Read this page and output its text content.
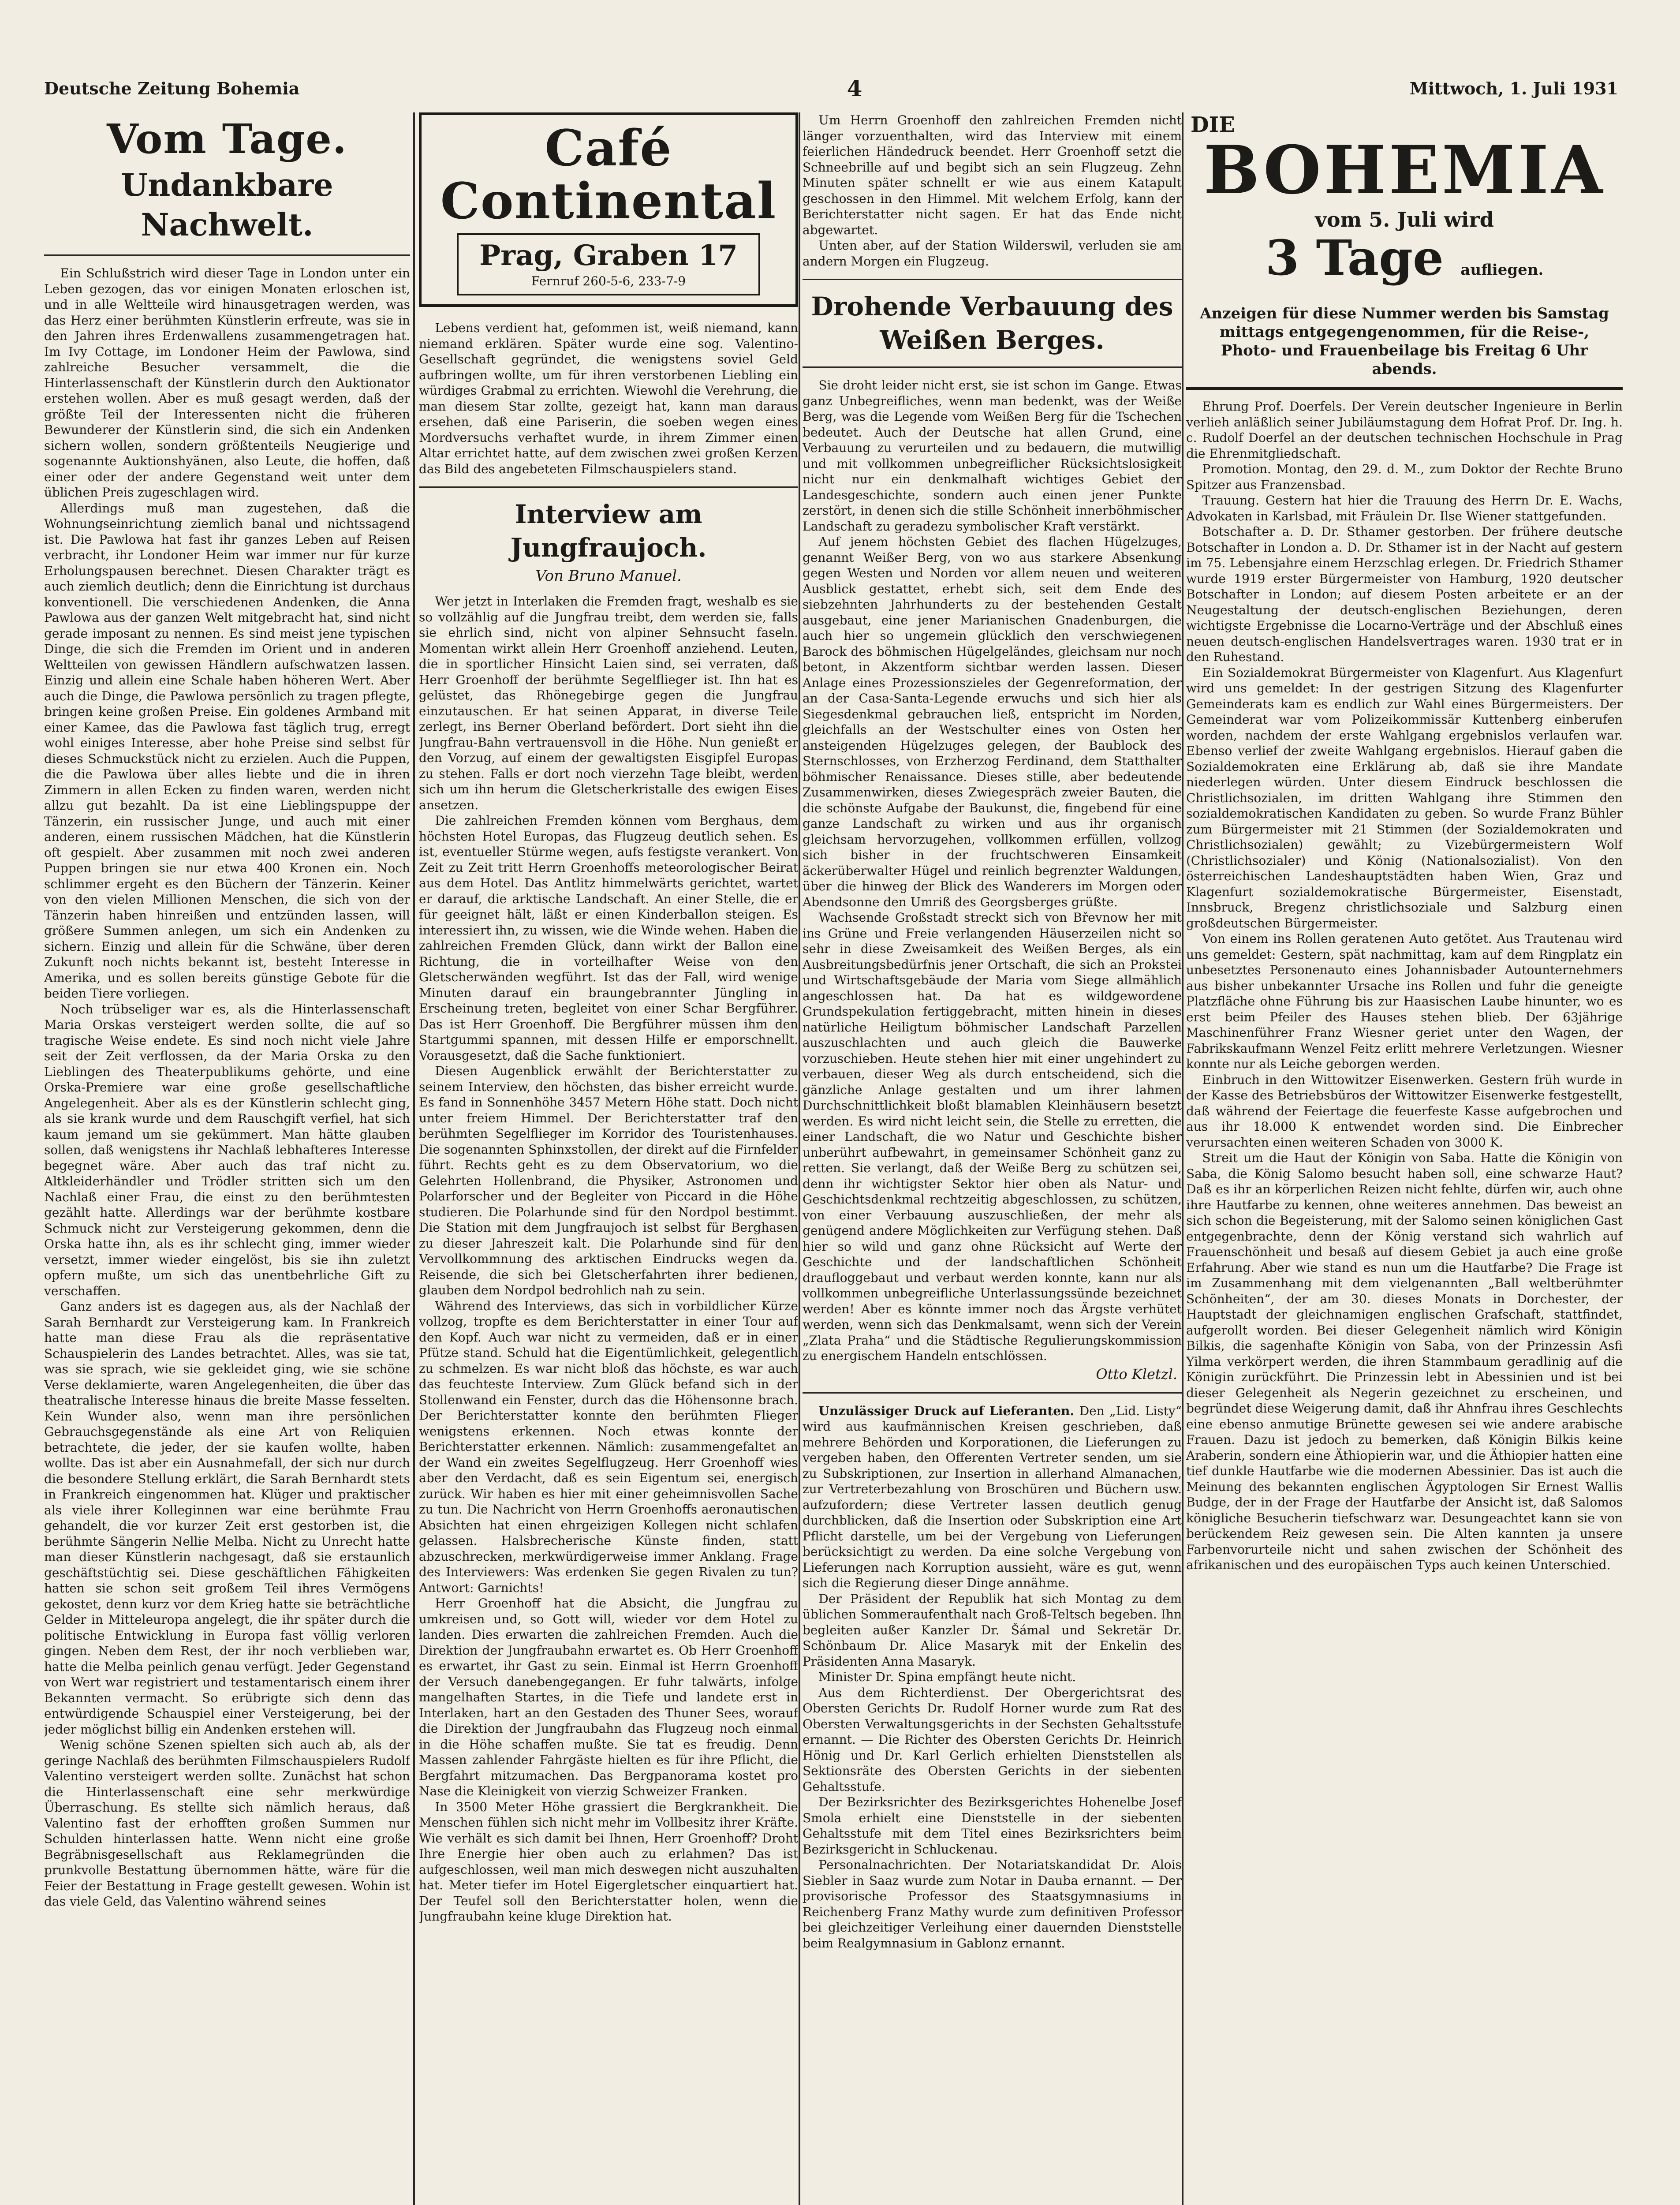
Deutsche Zeitung Bohemia	4	Mittwoch, 1. Juli 1931
Vom Tage.
Undankbare Nachwelt.

Ein Schlußstrich wird dieser Tage in London unter ein Leben gezogen, das vor einigen Monaten erloschen ist, und in alle Weltteile wird hinausgetragen werden, was das Herz einer berühmten Künstlerin erfreute, was sie in den Jahren ihres Erdenwallens zusammengetragen hat. Im Ivy Cottage, im Londoner Heim der Pawlowa, sind zahlreiche Besucher versammelt, die die Hinterlassenschaft der Künstlerin durch den Auktionator erstehen wollen. Aber es muß gesagt werden, daß der größte Teil der Interessenten nicht die früheren Bewunderer der Künstlerin sind, die sich ein Andenken sichern wollen, sondern größtenteils Neugierige und sogenannte Auktionshyänen, also Leute, die hoffen, daß einer oder der andere Gegenstand weit unter dem üblichen Preis zugeschlagen wird.

Allerdings muß man zugestehen, daß die Wohnungseinrichtung ziemlich banal und nichtssagend ist. Die Pawlowa hat fast ihr ganzes Leben auf Reisen verbracht, ihr Londoner Heim war immer nur für kurze Erholungspausen berechnet. Diesen Charakter trägt es auch ziemlich deutlich; denn die Einrichtung ist durchaus konventionell. Die verschiedenen Andenken, die Anna Pawlowa aus der ganzen Welt mitgebracht hat, sind nicht gerade imposant zu nennen. Es sind meist jene typischen Dinge, die sich die Fremden im Orient und in anderen Weltteilen von gewissen Händlern aufschwatzen lassen. Einzig und allein eine Schale haben höheren Wert. Aber auch die Dinge, die Pawlowa persönlich zu tragen pflegte, bringen keine großen Preise. Ein goldenes Armband mit einer Kamee, das die Pawlowa fast täglich trug, erregt wohl einiges Interesse, aber hohe Preise sind selbst für dieses Schmuckstück nicht zu erzielen. Auch die Puppen, die die Pawlowa über alles liebte und die in ihren Zimmern in allen Ecken zu finden waren, werden nicht allzu gut bezahlt. Da ist eine Lieblingspuppe der Tänzerin, ein russischer Junge, und auch mit einer anderen, einem russischen Mädchen, hat die Künstlerin oft gespielt. Aber zusammen mit noch zwei anderen Puppen bringen sie nur etwa 400 Kronen ein. Noch schlimmer ergeht es den Büchern der Tänzerin. Keiner von den vielen Millionen Menschen, die sich von der Tänzerin haben hinreißen und entzünden lassen, will größere Summen anlegen, um sich ein Andenken zu sichern. Einzig und allein für die Schwäne, über deren Zukunft noch nichts bekannt ist, besteht Interesse in Amerika, und es sollen bereits günstige Gebote für die beiden Tiere vorliegen.

Noch trübseliger war es, als die Hinterlassenschaft Maria Orskas versteigert werden sollte, die auf so tragische Weise endete. Es sind noch nicht viele Jahre seit der Zeit verflossen, da der Maria Orska zu den Lieblingen des Theaterpublikums gehörte, und eine Orska-Premiere war eine große gesellschaftliche Angelegenheit. Aber als es der Künstlerin schlecht ging, als sie krank wurde und dem Rauschgift verfiel, hat sich kaum jemand um sie gekümmert. Man hätte glauben sollen, daß wenigstens ihr Nachlaß lebhafteres Interesse begegnet wäre. Aber auch das traf nicht zu. Altkleiderhändler und Trödler stritten sich um den Nachlaß einer Frau, die einst zu den berühmtesten gezählt hatte. Allerdings war der berühmte kostbare Schmuck nicht zur Versteigerung gekommen, denn die Orska hatte ihn, als es ihr schlecht ging, immer wieder versetzt, immer wieder eingelöst, bis sie ihn zuletzt opfern mußte, um sich das unentbehrliche Gift zu verschaffen.

Ganz anders ist es dagegen aus, als der Nachlaß der Sarah Bernhardt zur Versteigerung kam. In Frankreich hatte man diese Frau als die repräsentative Schauspielerin des Landes betrachtet. Alles, was sie tat, was sie sprach, wie sie gekleidet ging, wie sie schöne Verse deklamierte, waren Angelegenheiten, die über das theatralische Interesse hinaus die breite Masse fesselten. Kein Wunder also, wenn man ihre persönlichen Gebrauchsgegenstände als eine Art von Reliquien betrachtete, die jeder, der sie kaufen wollte, haben wollte. Das ist aber ein Ausnahmefall, der sich nur durch die besondere Stellung erklärt, die Sarah Bernhardt stets in Frankreich eingenommen hat. Klüger und praktischer als viele ihrer Kolleginnen war eine berühmte Frau gehandelt, die vor kurzer Zeit erst gestorben ist, die berühmte Sängerin Nellie Melba. Nicht zu Unrecht hatte man dieser Künstlerin nachgesagt, daß sie erstaunlich geschäftstüchtig sei. Diese geschäftlichen Fähigkeiten hatten sie schon seit großem Teil ihres Vermögens gekostet, denn kurz vor dem Krieg hatte sie beträchtliche Gelder in Mitteleuropa angelegt, die ihr später durch die politische Entwicklung in Europa fast völlig verloren gingen. Neben dem Rest, der ihr noch verblieben war, hatte die Melba peinlich genau verfügt. Jeder Gegenstand von Wert war registriert und testamentarisch einem ihrer Bekannten vermacht. So erübrigte sich denn das entwürdigende Schauspiel einer Versteigerung, bei der jeder möglichst billig ein Andenken erstehen will.

Wenig schöne Szenen spielten sich auch ab, als der geringe Nachlaß des berühmten Filmschauspielers Rudolf Valentino versteigert werden sollte. Zunächst hat schon die Hinterlassenschaft eine sehr merkwürdige Überraschung. Es stellte sich nämlich heraus, daß Valentino fast der erhofften großen Summen nur Schulden hinterlassen hatte. Wenn nicht eine große Begräbnisgesellschaft aus Reklamegründen die prunkvolle Bestattung übernommen hätte, wäre für die Feier der Bestattung in Frage gestellt gewesen. Wohin ist das viele Geld, das Valentino während seines

Café Continental
Prag, Graben 17
Fernruf 260-5-6, 233-7-9

Lebens verdient hat, gefommen ist, weiß niemand, kann niemand erklären. Später wurde eine sog. Valentino-Gesellschaft gegründet, die wenigstens soviel Geld aufbringen wollte, um für ihren verstorbenen Liebling ein würdiges Grabmal zu errichten. Wiewohl die Verehrung, die man diesem Star zollte, gezeigt hat, kann man daraus ersehen, daß eine Pariserin, die soeben wegen eines Mordversuchs verhaftet wurde, in ihrem Zimmer einen Altar errichtet hatte, auf dem zwischen zwei großen Kerzen das Bild des angebeteten Filmschauspielers stand.

Interview am Jungfraujoch.
Von Bruno Manuel.

Wer jetzt in Interlaken die Fremden fragt, weshalb es sie so vollzählig auf die Jungfrau treibt, dem werden sie, falls sie ehrlich sind, nicht von alpiner Sehnsucht faseln. Momentan wirkt allein Herr Groenhoff anziehend. Leuten, die in sportlicher Hinsicht Laien sind, sei verraten, daß Herr Groenhoff der berühmte Segelflieger ist. Ihn hat es gelüstet, das Rhönegebirge gegen die Jungfrau einzutauschen. Er hat seinen Apparat, in diverse Teile zerlegt, ins Berner Oberland befördert. Dort sieht ihn die Jungfrau-Bahn vertrauensvoll in die Höhe. Nun genießt er den Vorzug, auf einem der gewaltigsten Eisgipfel Europas zu stehen. Falls er dort noch vierzehn Tage bleibt, werden sich um ihn herum die Gletscherkristalle des ewigen Eises ansetzen.

Die zahlreichen Fremden können vom Berghaus, dem höchsten Hotel Europas, das Flugzeug deutlich sehen. Es ist, eventueller Stürme wegen, aufs festigste verankert. Von Zeit zu Zeit tritt Herrn Groenhoffs meteorologischer Beirat aus dem Hotel. Das Antlitz himmelwärts gerichtet, wartet er darauf, die arktische Landschaft. An einer Stelle, die er für geeignet hält, läßt er einen Kinderballon steigen. Es interessiert ihn, zu wissen, wie die Winde wehen. Haben die zahlreichen Fremden Glück, dann wirkt der Ballon eine Richtung, die in vorteilhafter Weise von den Gletscherwänden wegführt. Ist das der Fall, wird wenige Minuten darauf ein braungebrannter Jüngling in Erscheinung treten, begleitet von einer Schar Bergführer. Das ist Herr Groenhoff. Die Bergführer müssen ihm den Startgummi spannen, mit dessen Hilfe er emporschnellt. Vorausgesetzt, daß die Sache funktioniert.

Diesen Augenblick erwählt der Berichterstatter zu seinem Interview, den höchsten, das bisher erreicht wurde. Es fand in Sonnenhöhe 3457 Metern Höhe statt. Doch nicht unter freiem Himmel. Der Berichterstatter traf den berühmten Segelflieger im Korridor des Touristenhauses. Die sogenannten Sphinxstollen, der direkt auf die Firnfelder führt. Rechts geht es zu dem Observatorium, wo die Gelehrten Hollenbrand, die Physiker, Astronomen und Polarforscher und der Begleiter von Piccard in die Höhe studieren. Die Polarhunde sind für den Nordpol bestimmt. Die Station mit dem Jungfraujoch ist selbst für Berghasen zu dieser Jahreszeit kalt. Die Polarhunde sind für den Vervollkommnung des arktischen Eindrucks wegen da. Reisende, die sich bei Gletscherfahrten ihrer bedienen, glauben dem Nordpol bedrohlich nah zu sein.

Während des Interviews, das sich in vorbildlicher Kürze vollzog, tropfte es dem Berichterstatter in einer Tour auf den Kopf. Auch war nicht zu vermeiden, daß er in einer Pfütze stand. Schuld hat die Eigentümlichkeit, gelegentlich zu schmelzen. Es war nicht bloß das höchste, es war auch das feuchteste Interview. Zum Glück befand sich in der Stollenwand ein Fenster, durch das die Höhensonne brach. Der Berichterstatter konnte den berühmten Flieger wenigstens erkennen. Noch etwas konnte der Berichterstatter erkennen. Nämlich: zusammengefaltet an der Wand ein zweites Segelflugzeug. Herr Groenhoff wies aber den Verdacht, daß es sein Eigentum sei, energisch zurück. Wir haben es hier mit einer geheimnisvollen Sache zu tun. Die Nachricht von Herrn Groenhoffs aeronautischen Absichten hat einen ehrgeizigen Kollegen nicht schlafen gelassen. Halsbrecherische Künste finden, statt abzuschrecken, merkwürdigerweise immer Anklang. Frage des Interviewers: Was erdenken Sie gegen Rivalen zu tun? Antwort: Garnichts!

Herr Groenhoff hat die Absicht, die Jungfrau zu umkreisen und, so Gott will, wieder vor dem Hotel zu landen. Dies erwarten die zahlreichen Fremden. Auch die Direktion der Jungfraubahn erwartet es. Ob Herr Groenhoff es erwartet, ihr Gast zu sein. Einmal ist Herrn Groenhoff der Versuch danebengegangen. Er fuhr talwärts, infolge mangelhaften Startes, in die Tiefe und landete erst in Interlaken, hart an den Gestaden des Thuner Sees, worauf die Direktion der Jungfraubahn das Flugzeug noch einmal in die Höhe schaffen mußte. Sie tat es freudig. Denn Massen zahlender Fahrgäste hielten es für ihre Pflicht, die Bergfahrt mitzumachen. Das Bergpanorama kostet pro Nase die Kleinigkeit von vierzig Schweizer Franken.

In 3500 Meter Höhe grassiert die Bergkrankheit. Die Menschen fühlen sich nicht mehr im Vollbesitz ihrer Kräfte. Wie verhält es sich damit bei Ihnen, Herr Groenhoff? Droht Ihre Energie hier oben auch zu erlahmen? Das ist aufgeschlossen, weil man mich deswegen nicht auszuhalten hat. Meter tiefer im Hotel Eigergletscher einquartiert hat. Der Teufel soll den Berichterstatter holen, wenn die Jungfraubahn keine kluge Direktion hat.

Um Herrn Groenhoff den zahlreichen Fremden nicht länger vorzuenthalten, wird das Interview mit einem feierlichen Händedruck beendet. Herr Groenhoff setzt die Schneebrille auf und begibt sich an sein Flugzeug. Zehn Minuten später schnellt er wie aus einem Katapult geschossen in den Himmel. Mit welchem Erfolg, kann der Berichterstatter nicht sagen. Er hat das Ende nicht abgewartet.

Unten aber, auf der Station Wilderswil, verluden sie am andern Morgen ein Flugzeug.

Drohende Verbauung des Weißen Berges.

Sie droht leider nicht erst, sie ist schon im Gange. Etwas ganz Unbegreifliches, wenn man bedenkt, was der Weiße Berg, was die Legende vom Weißen Berg für die Tschechen bedeutet. Auch der Deutsche hat allen Grund, eine Verbauung zu verurteilen und zu bedauern, die mutwillig und mit vollkommen unbegreiflicher Rücksichtslosigkeit nicht nur ein denkmalhaft wichtiges Gebiet der Landesgeschichte, sondern auch einen jener Punkte zerstört, in denen sich die stille Schönheit innerböhmischer Landschaft zu geradezu symbolischer Kraft verstärkt.

Auf jenem höchsten Gebiet des flachen Hügelzuges, genannt Weißer Berg, von wo aus starkere Absenkung gegen Westen und Norden vor allem neuen und weiteren Ausblick gestattet, erhebt sich, seit dem Ende des siebzehnten Jahrhunderts zu der bestehenden Gestalt ausgebaut, eine jener Marianischen Gnadenburgen, die auch hier so ungemein glücklich den verschwiegenen Barock des böhmischen Hügelgeländes, gleichsam nur noch betont, in Akzentform sichtbar werden lassen. Dieser Anlage eines Prozessionszieles der Gegenreformation, der an der Casa-Santa-Legende erwuchs und sich hier als Siegesdenkmal gebrauchen ließ, entspricht im Norden, gleichfalls an der Westschulter eines von Osten her ansteigenden Hügelzuges gelegen, der Baublock des Sternschlosses, von Erzherzog Ferdinand, dem Statthalter böhmischer Renaissance. Dieses stille, aber bedeutende Zusammenwirken, dieses Zwiegespräch zweier Bauten, die die schönste Aufgabe der Baukunst, die, fingebend für eine ganze Landschaft zu wirken und aus ihr organisch gleichsam hervorzugehen, vollkommen erfüllen, vollzog sich bisher in der fruchtschweren Einsamkeit äckerüberwalter Hügel und reinlich begrenzter Waldungen, über die hinweg der Blick des Wanderers im Morgen oder Abendsonne den Umriß des Georgsberges grüßte.

Wachsende Großstadt streckt sich von Břevnow her mit ins Grüne und Freie verlangenden Häuserzeilen nicht so sehr in diese Zweisamkeit des Weißen Berges, als ein Ausbreitungsbedürfnis jener Ortschaft, die sich an Prokstei und Wirtschaftsgebäude der Maria vom Siege allmählich angeschlossen hat. Da hat es wildgewordene Grundspekulation fertiggebracht, mitten hinein in dieses natürliche Heiligtum böhmischer Landschaft Parzellen auszuschlachten und auch gleich die Bauwerke vorzuschieben. Heute stehen hier mit einer ungehindert zu verbauen, dieser Weg als durch entscheidend, sich die gänzliche Anlage gestalten und um ihrer lahmen Durchschnittlichkeit bloßt blamablen Kleinhäusern besetzt werden. Es wird nicht leicht sein, die Stelle zu erretten, die einer Landschaft, die wo Natur und Geschichte bisher unberührt aufbewahrt, in gemeinsamer Schönheit ganz zu retten. Sie verlangt, daß der Weiße Berg zu schützen sei, denn ihr wichtigster Sektor hier oben als Natur- und Geschichtsdenkmal rechtzeitig abgeschlossen, zu schützen, von einer Verbauung auszuschließen, der mehr als genügend andere Möglichkeiten zur Verfügung stehen. Daß hier so wild und ganz ohne Rücksicht auf Werte der Geschichte und der landschaftlichen Schönheit draufloggebaut und verbaut werden konnte, kann nur als vollkommen unbegreifliche Unterlassungssünde bezeichnet werden! Aber es könnte immer noch das Ärgste verhütet werden, wenn sich das Denkmalsamt, wenn sich der Verein „Zlata Praha“ und die Städtische Regulierungskommission zu energischem Handeln entschlössen.

Otto Kletzl.

Unzulässiger Druck auf Lieferanten. Den „Lid. Listy“ wird aus kaufmännischen Kreisen geschrieben, daß mehrere Behörden und Korporationen, die Lieferungen zu vergeben haben, den Offerenten Vertreter senden, um sie zu Subskriptionen, zur Insertion in allerhand Almanachen, zur Vertreterbezahlung von Broschüren und Büchern usw. aufzufordern; diese Vertreter lassen deutlich genug durchblicken, daß die Insertion oder Subskription eine Art Pflicht darstelle, um bei der Vergebung von Lieferungen berücksichtigt zu werden. Da eine solche Vergebung von Lieferungen nach Korruption aussieht, wäre es gut, wenn sich die Regierung dieser Dinge annähme.

Der Präsident der Republik hat sich Montag zu dem üblichen Sommeraufenthalt nach Groß-Teltsch begeben. Ihn begleiten außer Kanzler Dr. Šámal und Sekretär Dr. Schönbaum Dr. Alice Masaryk mit der Enkelin des Präsidenten Anna Masaryk.

Minister Dr. Spina empfängt heute nicht.

Aus dem Richterdienst. Der Obergerichtsrat des Obersten Gerichts Dr. Rudolf Horner wurde zum Rat des Obersten Verwaltungsgerichts in der Sechsten Gehaltsstufe ernannt. — Die Richter des Obersten Gerichts Dr. Heinrich Hönig und Dr. Karl Gerlich erhielten Dienststellen als Sektionsräte des Obersten Gerichts in der siebenten Gehaltsstufe.

Der Bezirksrichter des Bezirksgerichtes Hohenelbe Josef Smola erhielt eine Dienststelle in der siebenten Gehaltsstufe mit dem Titel eines Bezirksrichters beim Bezirksgericht in Schluckenau.

Personalnachrichten. Der Notariatskandidat Dr. Alois Siebler in Saaz wurde zum Notar in Daubа ernannt. — Der provisorische Professor des Staatsgymnasiums in Reichenberg Franz Mathy wurde zum definitiven Professor bei gleichzeitiger Verleihung einer dauernden Dienststelle beim Realgymnasium in Gablonz ernannt.

DIE
BOHEMIA
vom 5. Juli wird
3 Tage aufliegen.
Anzeigen für diese Nummer werden bis Samstag mittags entgegengenommen, für die Reise-, Photo- und Frauenbeilage bis Freitag 6 Uhr abends.

Ehrung Prof. Doerfels. Der Verein deutscher Ingenieure in Berlin verlieh anläßlich seiner Jubiläumstagung dem Hofrat Prof. Dr. Ing. h. c. Rudolf Doerfel an der deutschen technischen Hochschule in Prag die Ehrenmitgliedschaft.

Promotion. Montag, den 29. d. M., zum Doktor der Rechte Bruno Spitzer aus Franzensbad.

Trauung. Gestern hat hier die Trauung des Herrn Dr. E. Wachs, Advokaten in Karlsbad, mit Fräulein Dr. Ilse Wiener stattgefunden.

Botschafter a. D. Dr. Sthamer gestorben. Der frühere deutsche Botschafter in London a. D. Dr. Sthamer ist in der Nacht auf gestern im 75. Lebensjahre einem Herzschlag erlegen. Dr. Friedrich Sthamer wurde 1919 erster Bürgermeister von Hamburg, 1920 deutscher Botschafter in London; auf diesem Posten arbeitete er an der Neugestaltung der deutsch-englischen Beziehungen, deren wichtigste Ergebnisse die Locarno-Verträge und der Abschluß eines neuen deutsch-englischen Handelsvertrages waren. 1930 trat er in den Ruhestand.

Ein Sozialdemokrat Bürgermeister von Klagenfurt. Aus Klagenfurt wird uns gemeldet: In der gestrigen Sitzung des Klagenfurter Gemeinderats kam es endlich zur Wahl eines Bürgermeisters. Der Gemeinderat war vom Polizeikommissär Kuttenberg einberufen worden, nachdem der erste Wahlgang ergebnislos verlaufen war. Ebenso verlief der zweite Wahlgang ergebnislos. Hierauf gaben die Sozialdemokraten eine Erklärung ab, daß sie ihre Mandate niederlegen würden. Unter diesem Eindruck beschlossen die Christlichsozialen, im dritten Wahlgang ihre Stimmen den sozialdemokratischen Kandidaten zu geben. So wurde Franz Bühler zum Bürgermeister mit 21 Stimmen (der Sozialdemokraten und Christlichsozialen) gewählt; zu Vizebürgermeistern Wolf (Christlichsozialer) und König (Nationalsozialist). Von den österreichischen Landeshauptstädten haben Wien, Graz und Klagenfurt sozialdemokratische Bürgermeister, Eisenstadt, Innsbruck, Bregenz christlichsoziale und Salzburg einen großdeutschen Bürgermeister.

Von einem ins Rollen geratenen Auto getötet. Aus Trautenau wird uns gemeldet: Gestern, spät nachmittag, kam auf dem Ringplatz ein unbesetztes Personenauto eines Johannisbader Autounternehmers aus bisher unbekannter Ursache ins Rollen und fuhr die geneigte Platzfläche ohne Führung bis zur Haasischen Laube hinunter, wo es erst beim Pfeiler des Hauses stehen blieb. Der 63jährige Maschinenführer Franz Wiesner geriet unter den Wagen, der Fabrikskaufmann Wenzel Feitz erlitt mehrere Verletzungen. Wiesner konnte nur als Leiche geborgen werden.

Einbruch in den Wittowitzer Eisenwerken. Gestern früh wurde in der Kasse des Betriebsbüros der Wittowitzer Eisenwerke festgestellt, daß während der Feiertage die feuerfeste Kasse aufgebrochen und aus ihr 18.000 K entwendet worden sind. Die Einbrecher verursachten einen weiteren Schaden von 3000 K.

Streit um die Haut der Königin von Saba. Hatte die Königin von Saba, die König Salomo besucht haben soll, eine schwarze Haut? Daß es ihr an körperlichen Reizen nicht fehlte, dürfen wir, auch ohne ihre Hautfarbe zu kennen, ohne weiteres annehmen. Das beweist an sich schon die Begeisterung, mit der Salomo seinen königlichen Gast entgegenbrachte, denn der König verstand sich wahrlich auf Frauenschönheit und besaß auf diesem Gebiet ja auch eine große Erfahrung. Aber wie stand es nun um die Hautfarbe? Die Frage ist im Zusammenhang mit dem vielgenannten „Ball weltberühmter Schönheiten“, der am 30. dieses Monats in Dorchester, der Hauptstadt der gleichnamigen englischen Grafschaft, stattfindet, aufgerollt worden. Bei dieser Gelegenheit nämlich wird Königin Bilkis, die sagenhafte Königin von Saba, von der Prinzessin Asfi Yilma verkörpert werden, die ihren Stammbaum geradlinig auf die Königin zurückführt. Die Prinzessin lebt in Abessinien und ist bei dieser Gelegenheit als Negerin gezeichnet zu erscheinen, und begründet diese Weigerung damit, daß ihr Ahnfrau ihres Geschlechts eine ebenso anmutige Brünette gewesen sei wie andere arabische Frauen. Dazu ist jedoch zu bemerken, daß Königin Bilkis keine Araberin, sondern eine Äthiopierin war, und die Äthiopier hatten eine tief dunkle Hautfarbe wie die modernen Abessinier. Das ist auch die Meinung des bekannten englischen Ägyptologen Sir Ernest Wallis Budge, der in der Frage der Hautfarbe der Ansicht ist, daß Salomos königliche Besucherin tiefschwarz war. Desungeachtet kann sie von berückendem Reiz gewesen sein. Die Alten kannten ja unsere Farbenvorurteile nicht und sahen zwischen der Schönheit des afrikanischen und des europäischen Typs auch keinen Unterschied.
